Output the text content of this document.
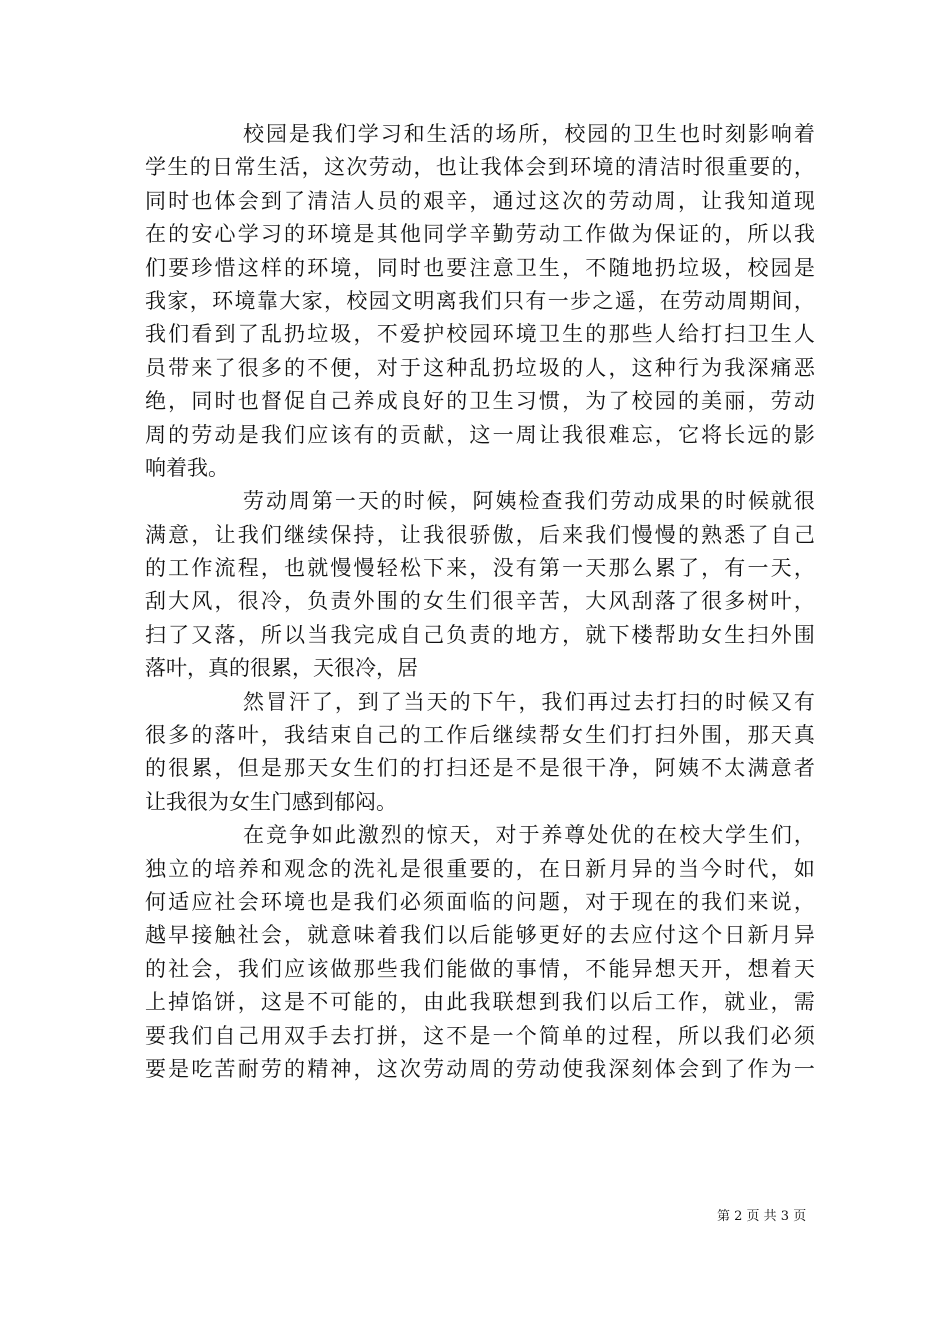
校 园 是 我 们 学 习 和 生 活 的 场 所 ， 校 园 的 卫 生 也 时 刻 影 响 着
学 生 的 日 常 生 活 ， 这 次 劳 动 ， 也 让 我 体 会 到 环 境 的 清 洁 时 很 重 要 的 ，
同 时 也 体 会 到 了 清 洁 人 员 的 艰 辛 ， 通 过 这 次 的 劳 动 周 ， 让 我 知 道 现
在 的 安 心 学 习 的 环 境 是 其 他 同 学 辛 勤 劳 动 工 作 做 为 保 证 的 ， 所 以 我
们 要 珍 惜 这 样 的 环 境 ， 同 时 也 要 注 意 卫 生 ， 不 随 地 扔 垃 圾 ， 校 园 是
我 家 ， 环 境 靠 大 家 ， 校 园 文 明 离 我 们 只 有 一 步 之 遥 ， 在 劳 动 周 期 间 ，
我 们 看 到 了 乱 扔 垃 圾 ， 不 爱 护 校 园 环 境 卫 生 的 那 些 人 给 打 扫 卫 生 人
员 带 来 了 很 多 的 不 便 ， 对 于 这 种 乱 扔 垃 圾 的 人 ， 这 种 行 为 我 深 痛 恶
绝 ， 同 时 也 督 促 自 己 养 成 良 好 的 卫 生 习 惯 ， 为 了 校 园 的 美 丽 ， 劳 动
周 的 劳 动 是 我 们 应 该 有 的 贡 献 ， 这 一 周 让 我 很 难 忘 ， 它 将 长 远 的 影
响 着 我 。
劳 动 周 第 一 天 的 时 候 ， 阿 姨 检 查 我 们 劳 动 成 果 的 时 候 就 很
满 意 ， 让 我 们 继 续 保 持 ， 让 我 很 骄 傲 ， 后 来 我 们 慢 慢 的 熟 悉 了 自 己
的 工 作 流 程 ， 也 就 慢 慢 轻 松 下 来 ， 没 有 第 一 天 那 么 累 了 ， 有 一 天 ，
刮 大 风 ， 很 冷 ， 负 责 外 围 的 女 生 们 很 辛 苦 ， 大 风 刮 落 了 很 多 树 叶 ，
扫 了 又 落 ， 所 以 当 我 完 成 自 己 负 责 的 地 方 ， 就 下 楼 帮 助 女 生 扫 外 围
落 叶 ， 真 的 很 累 ， 天 很 冷 ， 居
然 冒 汗 了 ， 到 了 当 天 的 下 午 ， 我 们 再 过 去 打 扫 的 时 候 又 有
很 多 的 落 叶 ， 我 结 束 自 己 的 工 作 后 继 续 帮 女 生 们 打 扫 外 围 ， 那 天 真
的 很 累 ， 但 是 那 天 女 生 们 的 打 扫 还 是 不 是 很 干 净 ， 阿 姨 不 太 满 意 者
让 我 很 为 女 生 门 感 到 郁 闷 。
在 竞 争 如 此 激 烈 的 惊 天 ， 对 于 养 尊 处 优 的 在 校 大 学 生 们 ，
独 立 的 培 养 和 观 念 的 洗 礼 是 很 重 要 的 ， 在 日 新 月 异 的 当 今 时 代 ， 如
何 适 应 社 会 环 境 也 是 我 们 必 须 面 临 的 问 题 ， 对 于 现 在 的 我 们 来 说 ，
越 早 接 触 社 会 ， 就 意 味 着 我 们 以 后 能 够 更 好 的 去 应 付 这 个 日 新 月 异
的 社 会 ， 我 们 应 该 做 那 些 我 们 能 做 的 事 情 ， 不 能 异 想 天 开 ， 想 着 天
上 掉 馅 饼 ， 这 是 不 可 能 的 ， 由 此 我 联 想 到 我 们 以 后 工 作 ， 就 业 ， 需
要 我 们 自 己 用 双 手 去 打 拼 ， 这 不 是 一 个 简 单 的 过 程 ， 所 以 我 们 必 须
要 是 吃 苦 耐 劳 的 精 神 ， 这 次 劳 动 周 的 劳 动 使 我 深 刻 体 会 到 了 作 为 一
第 2 页 共 3 页
